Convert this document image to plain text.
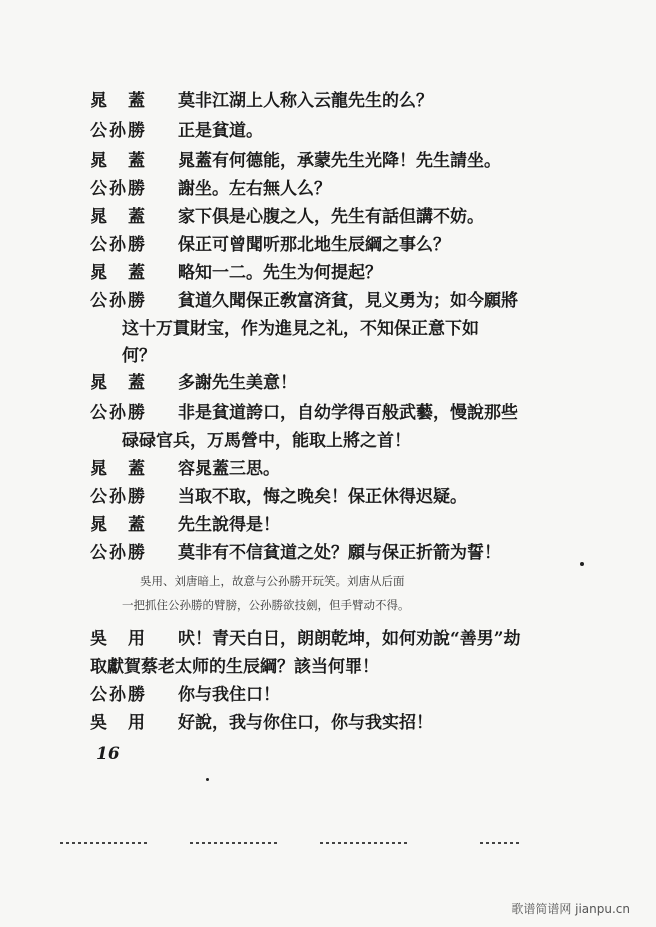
晁　蓋 莫非江湖上人称入云龍先生的么？
公孙勝 正是貧道。
晁　蓋 晁蓋有何德能，承蒙先生光降！先生請坐。
公孙勝 謝坐。左右無人么？
晁　蓋 家下俱是心腹之人，先生有話但講不妨。
公孙勝 保正可曾聞听那北地生辰綱之事么？
晁　蓋 略知一二。先生为何提起？
公孙勝 貧道久聞保正敎富済貧，見义勇为；如今願將
这十万貫財宝，作为進見之礼，不知保正意下如
何？
晁　蓋 多謝先生美意！
公孙勝 非是貧道誇口，自幼学得百般武藝，慢說那些
碌碌官兵，万馬營中，能取上將之首！
晁　蓋 容晁蓋三思。
公孙勝 当取不取，悔之晚矣！保正休得迟疑。
晁　蓋 先生說得是！
公孙勝 莫非有不信貧道之处？願与保正折箭为誓！
吳用、刘唐暗上，故意与公孙勝开玩笑。刘唐从后面
一把抓住公孙勝的臂膀，公孙勝欲技劍，但手臂动不得。
吳　用 吠！青天白日，朗朗乾坤，如何劝說“善男”劫
取獻賀蔡老太师的生辰綱？該当何罪！
公孙勝 你与我住口！
吳　用 好說，我与你住口，你与我实招！
16
歌谱简谱网 jianpu.cn
